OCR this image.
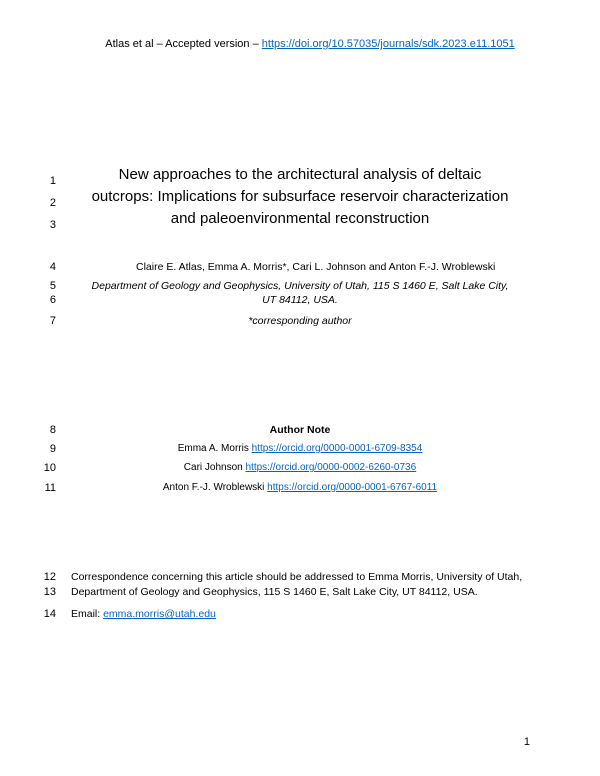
Atlas et al – Accepted version – https://doi.org/10.57035/journals/sdk.2023.e11.1051
1
2
3
New approaches to the architectural analysis of deltaic
outcrops: Implications for subsurface reservoir characterization
and paleoenvironmental reconstruction
4	Claire E. Atlas, Emma A. Morris*, Cari L. Johnson and Anton F.-J. Wroblewski
5
6
Department of Geology and Geophysics, University of Utah, 115 S 1460 E, Salt Lake City,
UT 84112, USA.
7	*corresponding author
8	Author Note
9	Emma A. Morris https://orcid.org/0000-0001-6709-8354
10	Cari Johnson https://orcid.org/0000-0002-6260-0736
11	Anton F.-J. Wroblewski https://orcid.org/0000-0001-6767-6011
12
13
Correspondence concerning this article should be addressed to Emma Morris, University of Utah,
Department of Geology and Geophysics, 115 S 1460 E, Salt Lake City, UT 84112, USA.
14 Email: emma.morris@utah.edu
1
